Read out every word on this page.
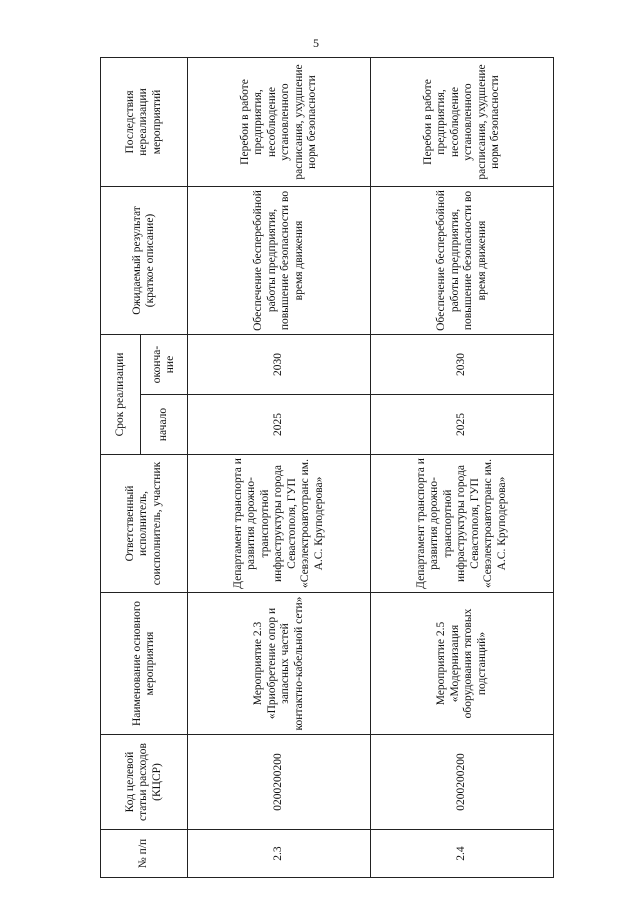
5
№ п/п	Код целевой статьи расходов (КЦСР)	Наименование основного мероприятия	Ответственный исполнитель, соисполнитель, участник	Срок реализации		Ожидаемый результат (краткое описание)	Последствия нереализации мероприятий
				начало	оконча- ние		
2.3	0200200200	Мероприятие 2.3 «Приобретение опор и запасных частей контактно-кабельной сети»	Департамент транспорта и развития дорожно- транспортной инфраструктуры города Севастополя, ГУП «Севэлектроавтотранс им. А.С. Круподерова»	2025	2030	Обеспечение бесперебойной работы предприятия, повышение безопасности во время движения	Перебои в работе предприятия, несоблюдение установленного расписания, ухудшение норм безопасности
2.4	0200200200	Мероприятие 2.5 «Модернизация оборудования тяговых подстанций»	Департамент транспорта и развития дорожно- транспортной инфраструктуры города Севастополя, ГУП «Севэлектроавтотранс им. А.С. Круподерова»	2025	2030	Обеспечение бесперебойной работы предприятия, повышение безопасности во время движения	Перебои в работе предприятия, несоблюдение установленного расписания, ухудшение норм безопасности
